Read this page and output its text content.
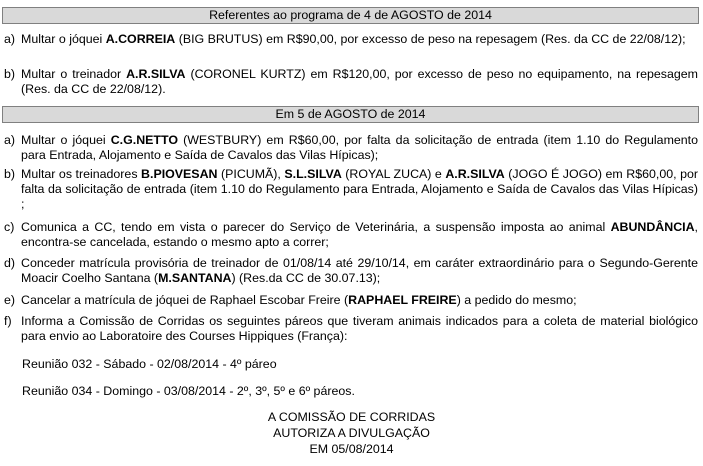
Referentes ao programa de 4 de AGOSTO de 2014
a) Multar o jóquei A.CORREIA (BIG BRUTUS) em R$90,00, por excesso de peso na repesagem (Res. da CC de 22/08/12);
b) Multar o treinador A.R.SILVA (CORONEL KURTZ) em R$120,00, por excesso de peso no equipamento, na repesagem (Res. da CC de 22/08/12).
Em 5 de AGOSTO de 2014
a) Multar o jóquei C.G.NETTO (WESTBURY) em R$60,00, por falta da solicitação de entrada (item 1.10 do Regulamento para Entrada, Alojamento e Saída de Cavalos das Vilas Hípicas);
b) Multar os treinadores B.PIOVESAN (PICUMÃ), S.L.SILVA (ROYAL ZUCA) e A.R.SILVA (JOGO É JOGO) em R$60,00, por falta da solicitação de entrada (item 1.10 do Regulamento para Entrada, Alojamento e Saída de Cavalos das Vilas Hípicas) ;
c) Comunica a CC, tendo em vista o parecer do Serviço de Veterinária, a suspensão imposta ao animal ABUNDÂNCIA, encontra-se cancelada, estando o mesmo apto a correr;
d) Conceder matrícula provisória de treinador de 01/08/14 até 29/10/14, em caráter extraordinário para o Segundo-Gerente Moacir Coelho Santana (M.SANTANA) (Res.da CC de 30.07.13);
e) Cancelar a matrícula de jóquei de Raphael Escobar Freire (RAPHAEL FREIRE) a pedido do mesmo;
f) Informa a Comissão de Corridas os seguintes páreos que tiveram animais indicados para a coleta de material biológico para envio ao Laboratoire des Courses Hippiques (França):
Reunião 032 - Sábado - 02/08/2014 - 4º páreo
Reunião 034 - Domingo - 03/08/2014 - 2º, 3º, 5º e 6º páreos.
A COMISSÃO DE CORRIDAS
AUTORIZA A DIVULGAÇÃO
EM 05/08/2014
